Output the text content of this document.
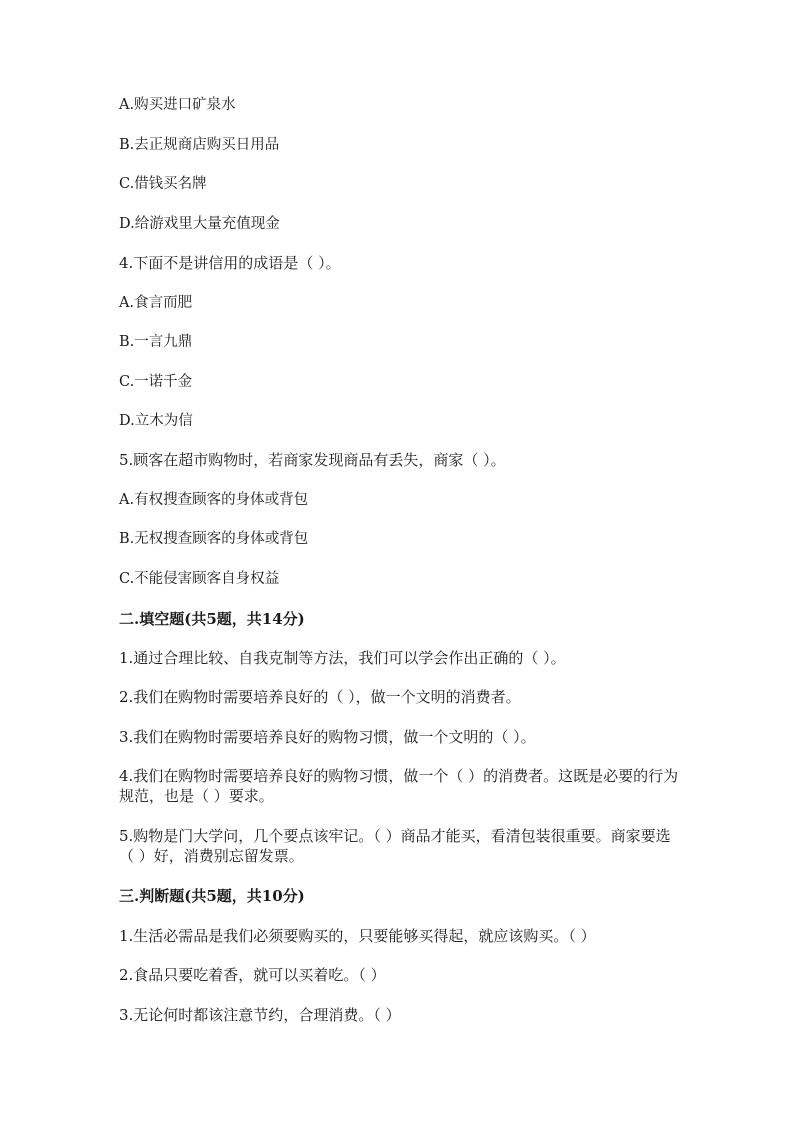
A.购买进口矿泉水
B.去正规商店购买日用品
C.借钱买名牌
D.给游戏里大量充值现金
4.下面不是讲信用的成语是（ ）。
A.食言而肥
B.一言九鼎
C.一诺千金
D.立木为信
5.顾客在超市购物时，若商家发现商品有丢失，商家（ ）。
A.有权搜查顾客的身体或背包
B.无权搜查顾客的身体或背包
C.不能侵害顾客自身权益
二.填空题(共5题，共14分)
1.通过合理比较、自我克制等方法，我们可以学会作出正确的（ ）。
2.我们在购物时需要培养良好的（ ），做一个文明的消费者。
3.我们在购物时需要培养良好的购物习惯，做一个文明的（ ）。
4.我们在购物时需要培养良好的购物习惯，做一个（ ）的消费者。这既是必要的行为规范，也是（ ）要求。
5.购物是门大学问，几个要点该牢记。（ ）商品才能买，看清包装很重要。商家要选（ ）好，消费别忘留发票。
三.判断题(共5题，共10分)
1.生活必需品是我们必须要购买的，只要能够买得起，就应该购买。（ ）
2.食品只要吃着香，就可以买着吃。（ ）
3.无论何时都该注意节约，合理消费。（ ）
